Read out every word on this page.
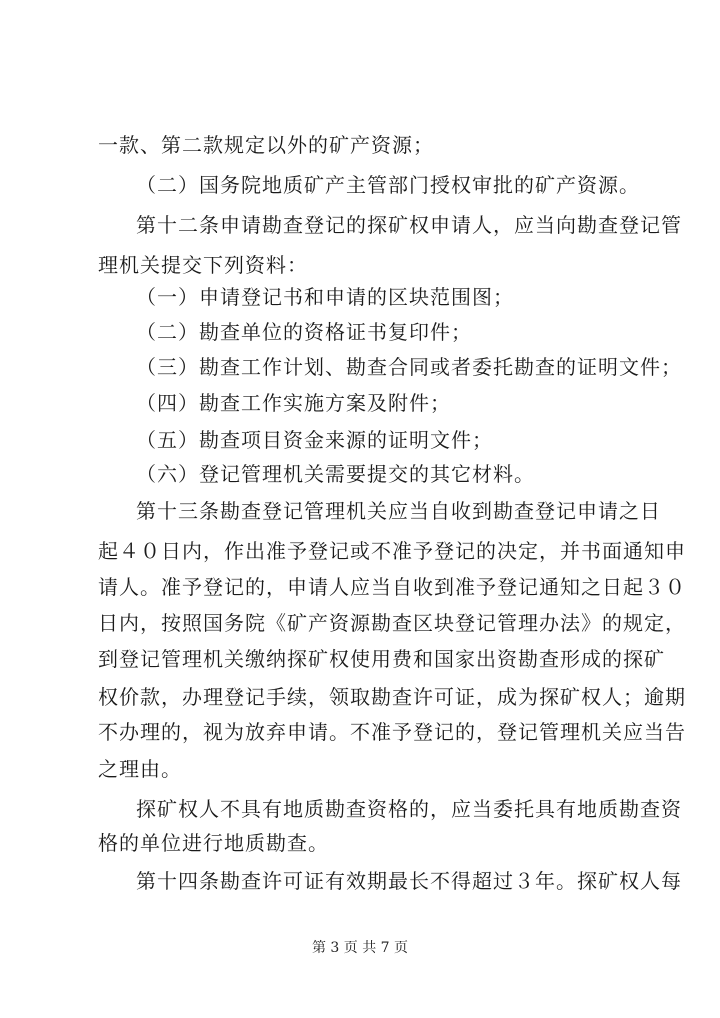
一款、第二款规定以外的矿产资源；
（二）国务院地质矿产主管部门授权审批的矿产资源。
第十二条申请勘查登记的探矿权申请人，应当向勘查登记管
理机关提交下列资料：
（一）申请登记书和申请的区块范围图；
（二）勘查单位的资格证书复印件；
（三）勘查工作计划、勘查合同或者委托勘查的证明文件；
（四）勘查工作实施方案及附件；
（五）勘查项目资金来源的证明文件；
（六）登记管理机关需要提交的其它材料。
第十三条勘查登记管理机关应当自收到勘查登记申请之日
起４０日内，作出准予登记或不准予登记的决定，并书面通知申
请人。准予登记的，申请人应当自收到准予登记通知之日起３０
日内，按照国务院《矿产资源勘查区块登记管理办法》的规定，
到登记管理机关缴纳探矿权使用费和国家出资勘查形成的探矿
权价款，办理登记手续，领取勘查许可证，成为探矿权人；逾期
不办理的，视为放弃申请。不准予登记的，登记管理机关应当告
之理由。
探矿权人不具有地质勘查资格的，应当委托具有地质勘查资
格的单位进行地质勘查。
第十四条勘查许可证有效期最长不得超过３年。探矿权人每
第 3 页 共 7 页
